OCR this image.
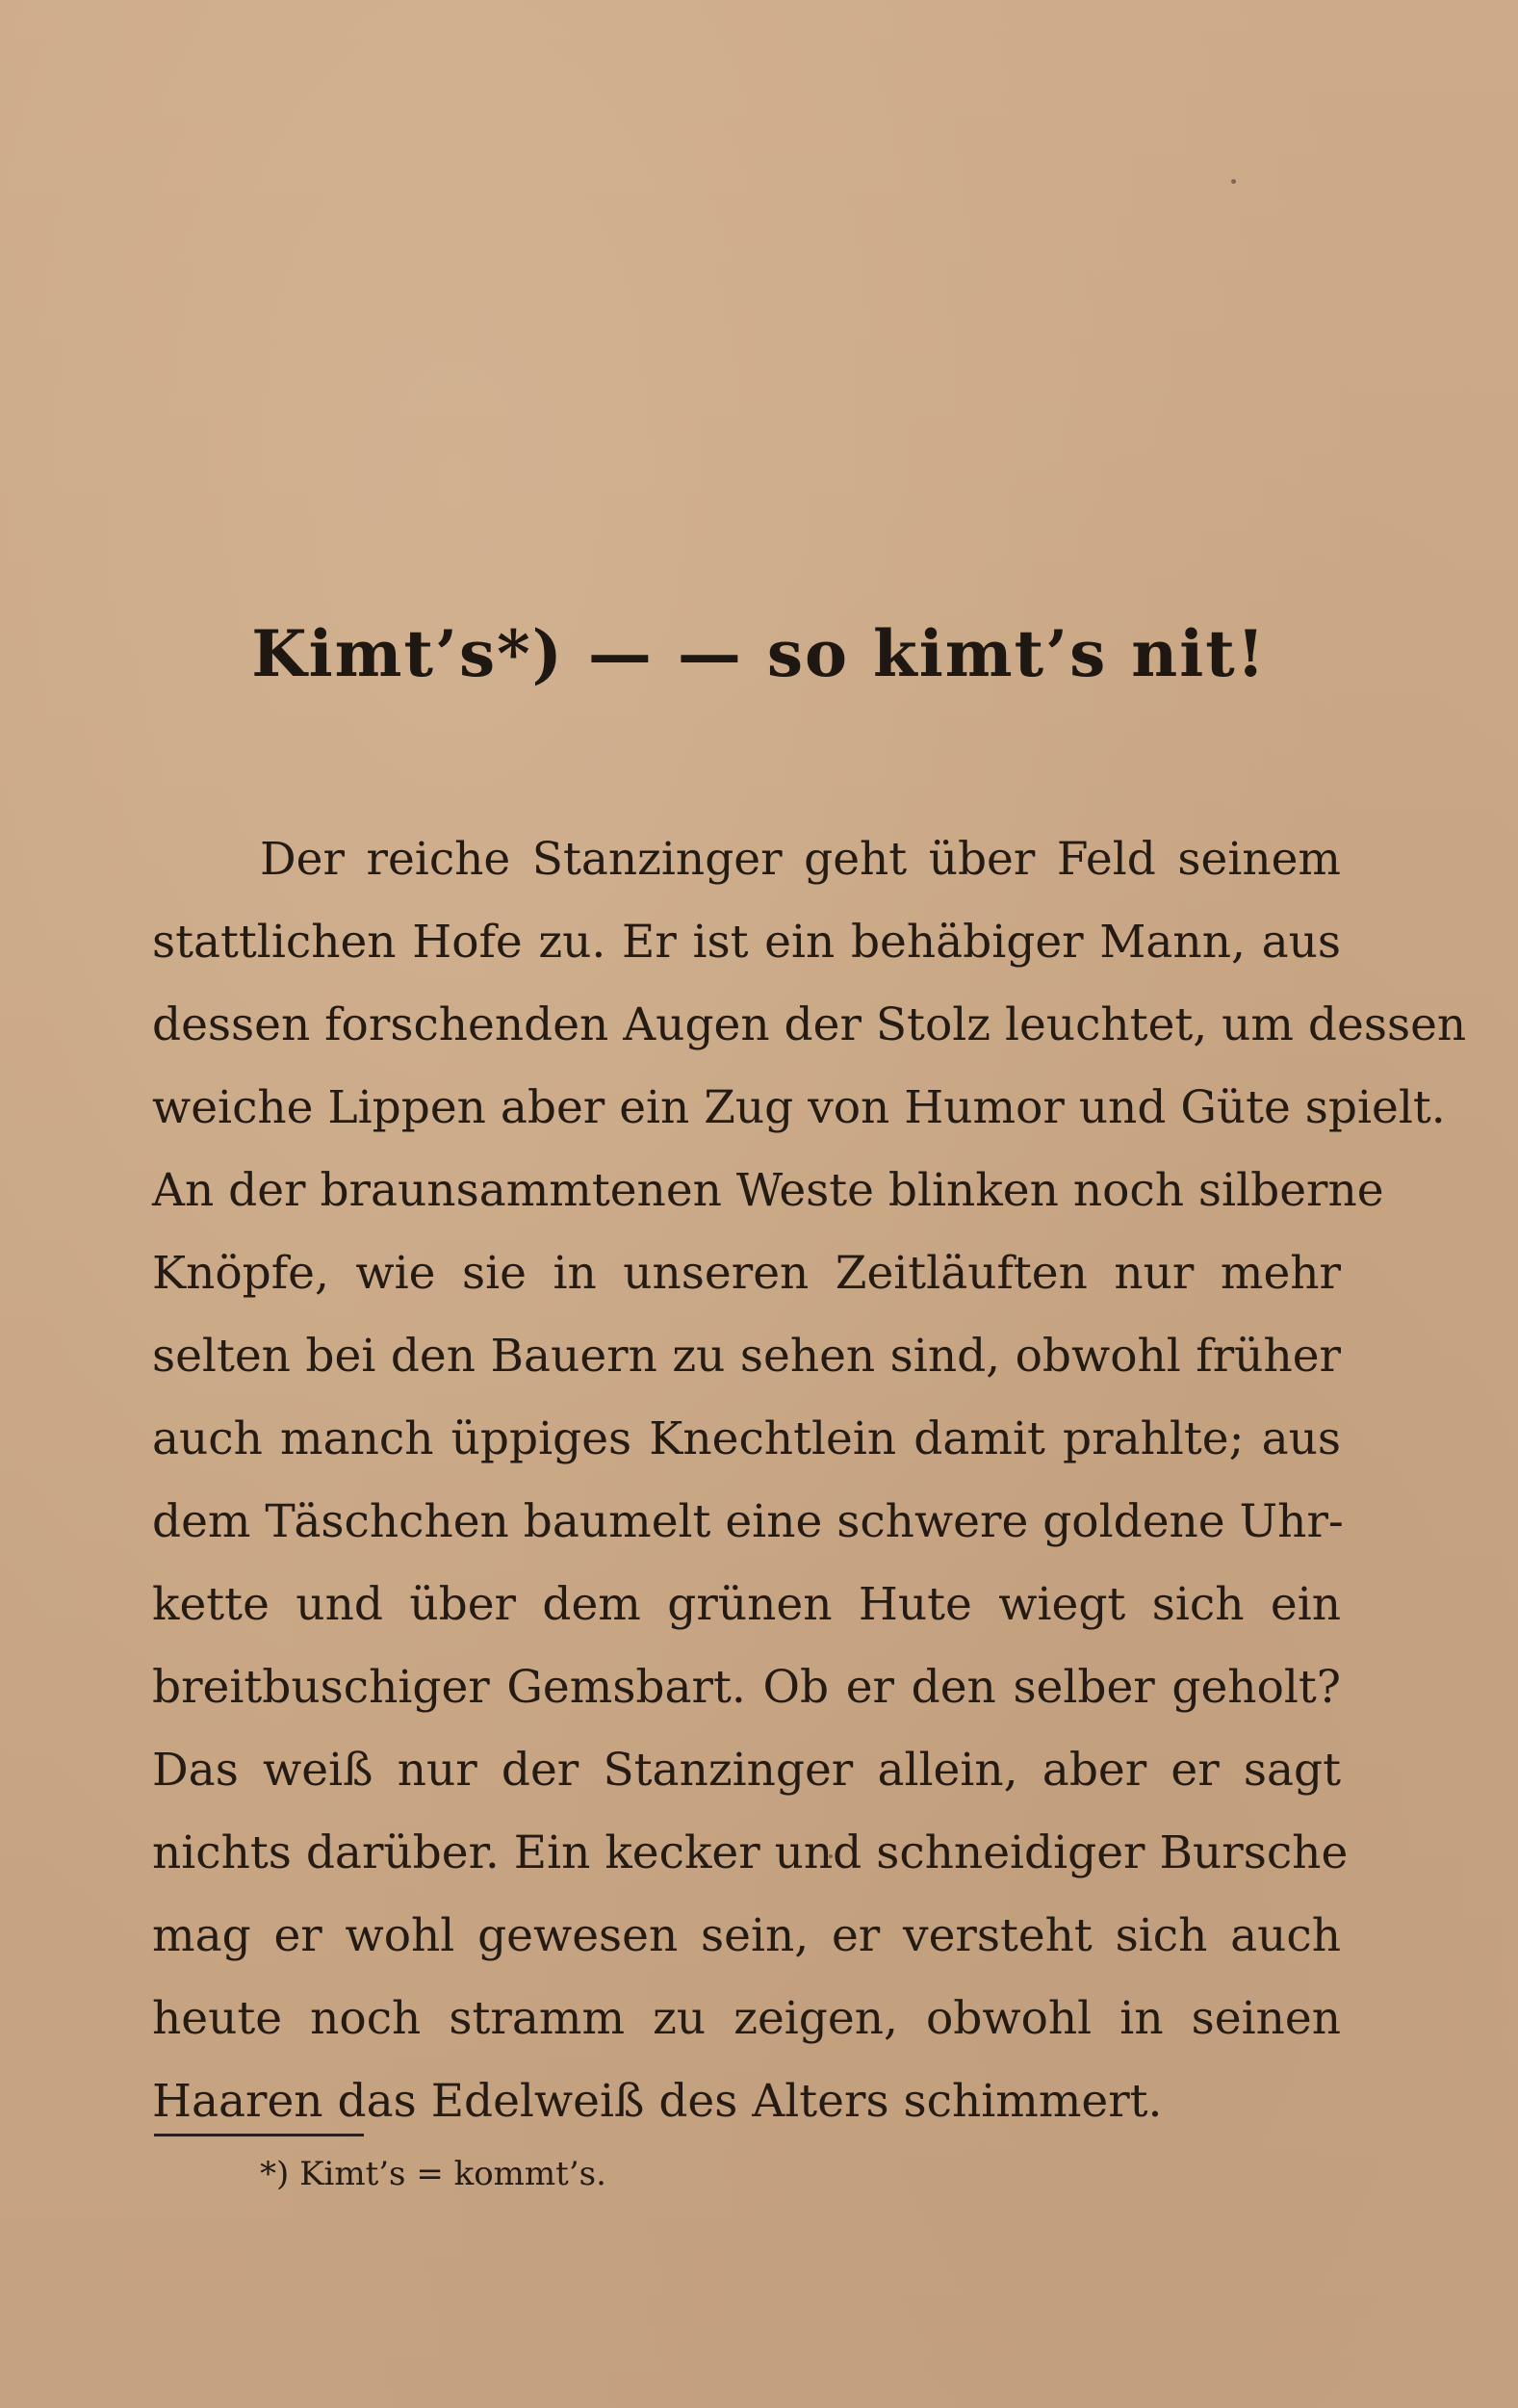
Kimt’s*) — — so kimt’s nit!
Der reiche Stanzinger geht über Feld seinem
stattlichen Hofe zu. Er ist ein behäbiger Mann, aus
dessen forschenden Augen der Stolz leuchtet, um dessen
weiche Lippen aber ein Zug von Humor und Güte spielt.
An der braunsammtenen Weste blinken noch silberne
Knöpfe, wie sie in unseren Zeitläuften nur mehr
selten bei den Bauern zu sehen sind, obwohl früher
auch manch üppiges Knechtlein damit prahlte; aus
dem Täschchen baumelt eine schwere goldene Uhr-
kette und über dem grünen Hute wiegt sich ein
breitbuschiger Gemsbart. Ob er den selber geholt?
Das weiß nur der Stanzinger allein, aber er sagt
nichts darüber. Ein kecker und schneidiger Bursche
mag er wohl gewesen sein, er versteht sich auch
heute noch stramm zu zeigen, obwohl in seinen
Haaren das Edelweiß des Alters schimmert.
*) Kimt’s = kommt’s.
